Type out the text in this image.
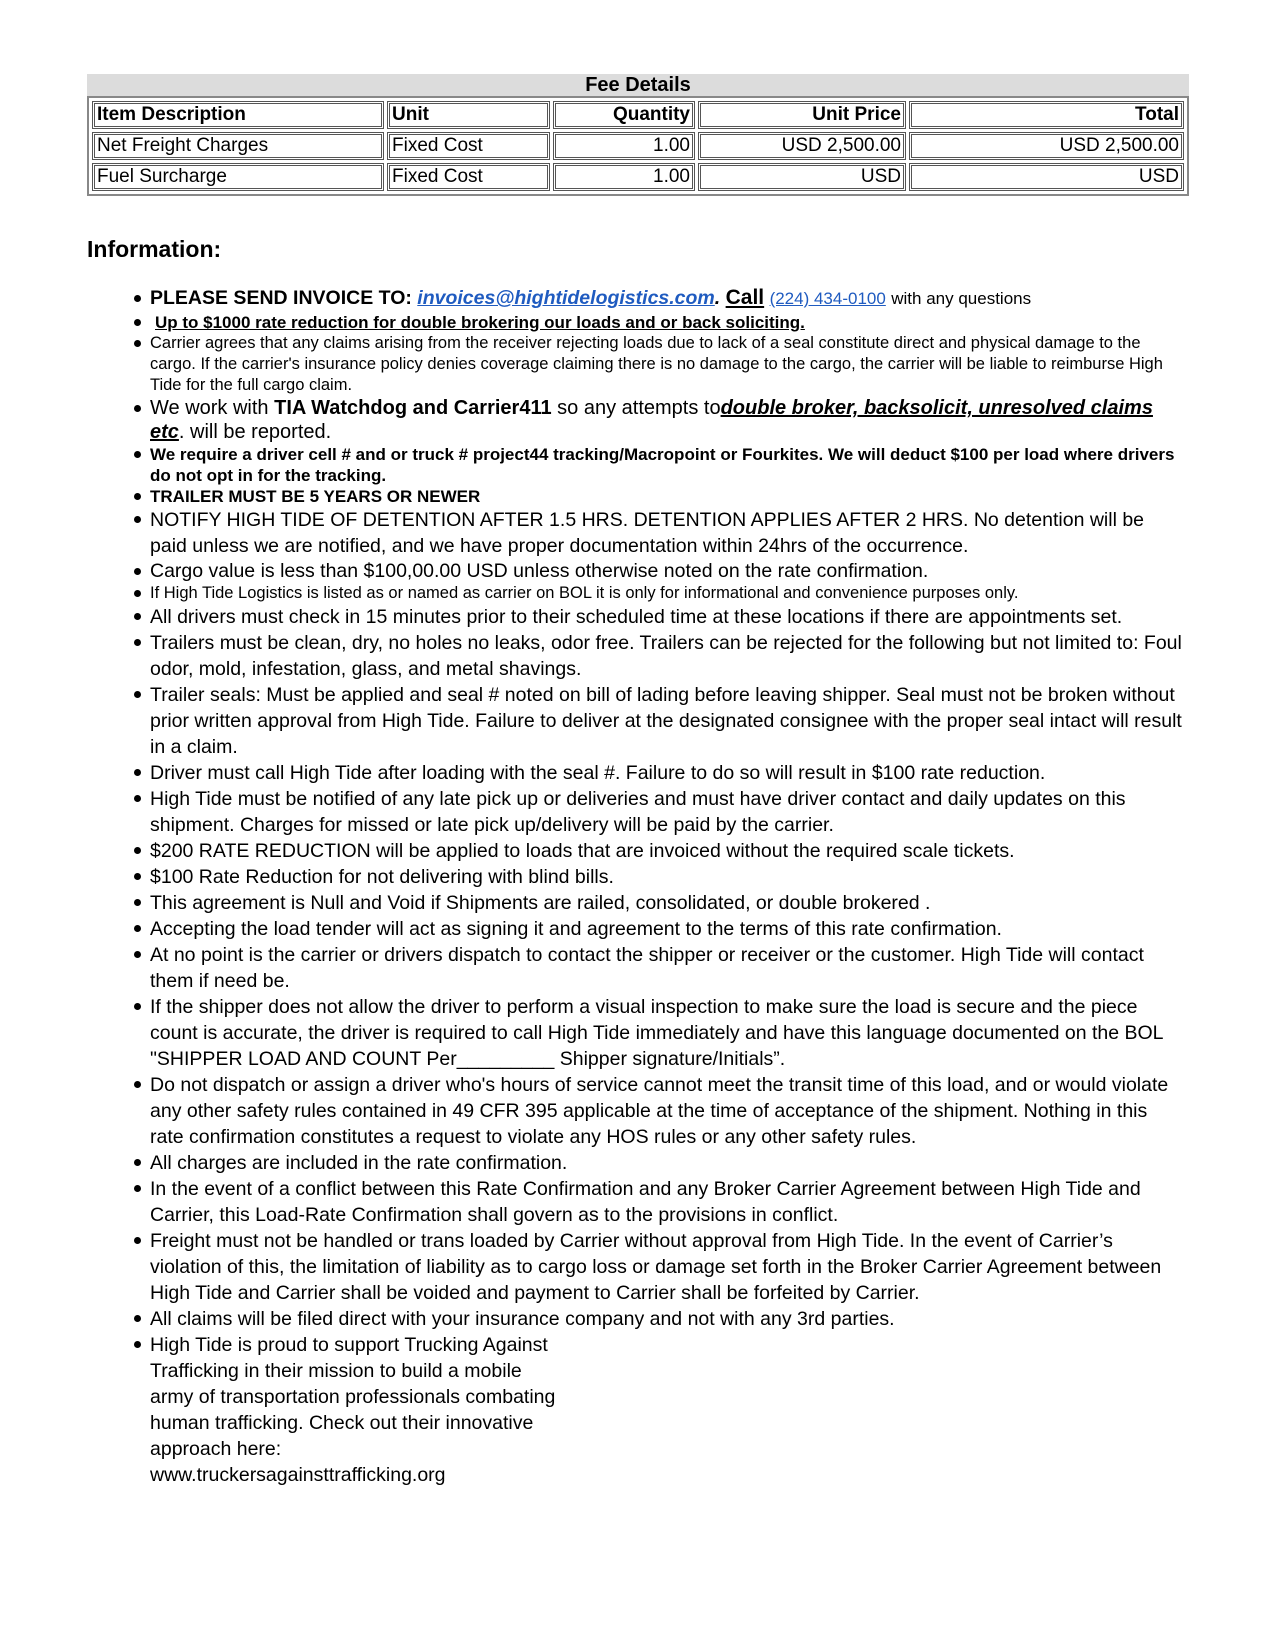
Fee Details
Item Description	Unit	Quantity	Unit Price	Total
Net Freight Charges	Fixed Cost	1.00	USD 2,500.00	USD 2,500.00
Fuel Surcharge	Fixed Cost	1.00	USD	USD
Information:
PLEASE SEND INVOICE TO: invoices@hightidelogistics.com. Call (224) 434-0100 with any questions
Up to $1000 rate reduction for double brokering our loads and or back soliciting.
Carrier agrees that any claims arising from the receiver rejecting loads due to lack of a seal constitute direct and physical damage to the cargo. If the carrier's insurance policy denies coverage claiming there is no damage to the cargo, the carrier will be liable to reimburse High Tide for the full cargo claim.
We work with TIA Watchdog and Carrier411 so any attempts todouble broker, backsolicit, unresolved claims etc. will be reported.
We require a driver cell # and or truck # project44 tracking/Macropoint or Fourkites. We will deduct $100 per load where drivers do not opt in for the tracking.
TRAILER MUST BE 5 YEARS OR NEWER
NOTIFY HIGH TIDE OF DETENTION AFTER 1.5 HRS. DETENTION APPLIES AFTER 2 HRS. No detention will be paid unless we are notified, and we have proper documentation within 24hrs of the occurrence.
Cargo value is less than $100,00.00 USD unless otherwise noted on the rate confirmation.
If High Tide Logistics is listed as or named as carrier on BOL it is only for informational and convenience purposes only.
All drivers must check in 15 minutes prior to their scheduled time at these locations if there are appointments set.
Trailers must be clean, dry, no holes no leaks, odor free. Trailers can be rejected for the following but not limited to: Foul odor, mold, infestation, glass, and metal shavings.
Trailer seals: Must be applied and seal # noted on bill of lading before leaving shipper. Seal must not be broken without prior written approval from High Tide. Failure to deliver at the designated consignee with the proper seal intact will result in a claim.
Driver must call High Tide after loading with the seal #. Failure to do so will result in $100 rate reduction.
High Tide must be notified of any late pick up or deliveries and must have driver contact and daily updates on this shipment. Charges for missed or late pick up/delivery will be paid by the carrier.
$200 RATE REDUCTION will be applied to loads that are invoiced without the required scale tickets.
$100 Rate Reduction for not delivering with blind bills.
This agreement is Null and Void if Shipments are railed, consolidated, or double brokered .
Accepting the load tender will act as signing it and agreement to the terms of this rate confirmation.
At no point is the carrier or drivers dispatch to contact the shipper or receiver or the customer. High Tide will contact them if need be.
If the shipper does not allow the driver to perform a visual inspection to make sure the load is secure and the piece count is accurate, the driver is required to call High Tide immediately and have this language documented on the BOL "SHIPPER LOAD AND COUNT Per_________ Shipper signature/Initials”.
Do not dispatch or assign a driver who's hours of service cannot meet the transit time of this load, and or would violate any other safety rules contained in 49 CFR 395 applicable at the time of acceptance of the shipment. Nothing in this rate confirmation constitutes a request to violate any HOS rules or any other safety rules.
All charges are included in the rate confirmation.
In the event of a conflict between this Rate Confirmation and any Broker Carrier Agreement between High Tide and Carrier, this Load-Rate Confirmation shall govern as to the provisions in conflict.
Freight must not be handled or trans loaded by Carrier without approval from High Tide. In the event of Carrier’s violation of this, the limitation of liability as to cargo loss or damage set forth in the Broker Carrier Agreement between High Tide and Carrier shall be voided and payment to Carrier shall be forfeited by Carrier.
All claims will be filed direct with your insurance company and not with any 3rd parties.
High Tide is proud to support Trucking Against Trafficking in their mission to build a mobile army of transportation professionals combating human trafficking. Check out their innovative approach here:
www.truckersagainsttrafficking.org
